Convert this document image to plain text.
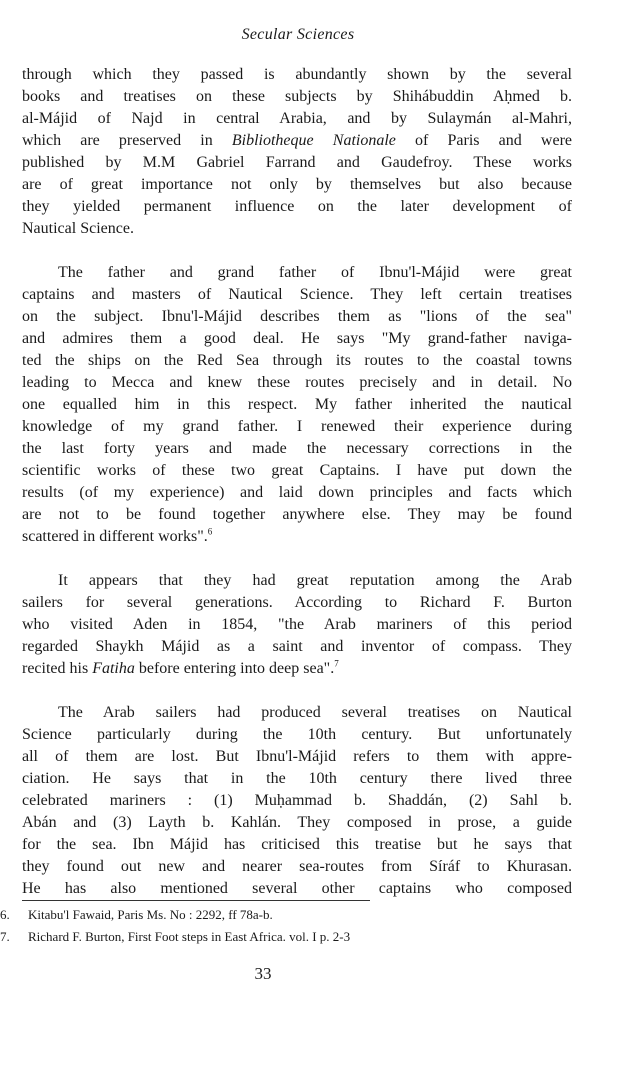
Secular Sciences

through which they passed is abundantly shown by the several
books and treatises on these subjects by Shihábuddin Aḥmed b.
al-Májid of Najd in central Arabia, and by Sulaymán al-Mahri,
which are preserved in Bibliotheque Nationale of Paris and were
published by M.M Gabriel Farrand and Gaudefroy. These works
are of great importance not only by themselves but also because
they yielded permanent influence on the later development of
Nautical Science.

The father and grand father of Ibnu'l-Májid were great
captains and masters of Nautical Science. They left certain treatises
on the subject. Ibnu'l-Májid describes them as "lions of the sea"
and admires them a good deal. He says "My grand-father naviga-
ted the ships on the Red Sea through its routes to the coastal towns
leading to Mecca and knew these routes precisely and in detail. No
one equalled him in this respect. My father inherited the nautical
knowledge of my grand father. I renewed their experience during
the last forty years and made the necessary corrections in the
scientific works of these two great Captains. I have put down the
results (of my experience) and laid down principles and facts which
are not to be found together anywhere else. They may be found
scattered in different works".$^6$

It appears that they had great reputation among the Arab
sailers for several generations. According to Richard F. Burton
who visited Aden in 1854, "the Arab mariners of this period
regarded Shaykh Májid as a saint and inventor of compass. They
recited his Fatiha before entering into deep sea".$^7$

The Arab sailers had produced several treatises on Nautical
Science particularly during the 10th century. But unfortunately
all of them are lost. But Ibnu'l-Májid refers to them with appre-
ciation. He says that in the 10th century there lived three
celebrated mariners : (1) Muḥammad b. Shaddán, (2) Sahl b.
Abán and (3) Layth b. Kahlán. They composed in prose, a guide
for the sea. Ibn Májid has criticised this treatise but he says that
they found out new and nearer sea-routes from Síráf to Khurasan.
He has also mentioned several other captains who composed

6. Kitabu'l Fawaid, Paris Ms. No : 2292, ff 78a-b.
7. Richard F. Burton, First Foot steps in East Africa. vol. I p. 2-3
33
